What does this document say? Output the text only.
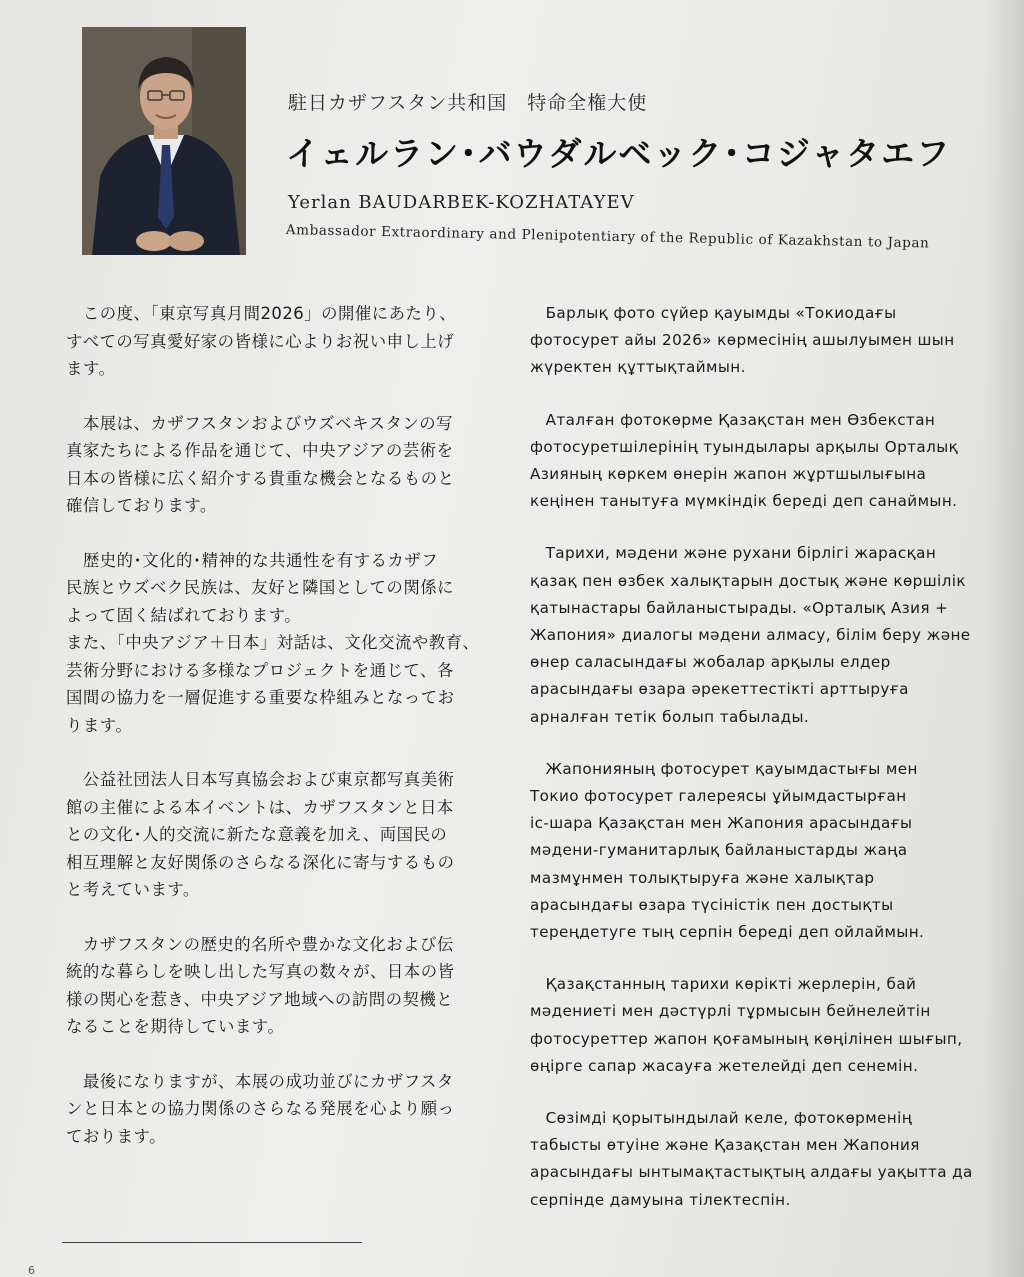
駐日カザフスタン共和国　特命全権大使
イェルラン･バウダルベック･コジャタエフ
Yerlan BAUDARBEK-KOZHATAYEV
Ambassador Extraordinary and Plenipotentiary of the Republic of Kazakhstan to Japan

　この度、「東京写真月間2026」の開催にあたり、
すべての写真愛好家の皆様に心よりお祝い申し上げ
ます。

　本展は、カザフスタンおよびウズベキスタンの写
真家たちによる作品を通じて、中央アジアの芸術を
日本の皆様に広く紹介する貴重な機会となるものと
確信しております。

　歴史的･文化的･精神的な共通性を有するカザフ
民族とウズベク民族は、友好と隣国としての関係に
よって固く結ばれております。
また、「中央アジア＋日本」対話は、文化交流や教育、
芸術分野における多様なプロジェクトを通じて、各
国間の協力を一層促進する重要な枠組みとなってお
ります。

　公益社団法人日本写真協会および東京都写真美術
館の主催による本イベントは、カザフスタンと日本
との文化･人的交流に新たな意義を加え、両国民の
相互理解と友好関係のさらなる深化に寄与するもの
と考えています。

　カザフスタンの歴史的名所や豊かな文化および伝
統的な暮らしを映し出した写真の数々が、日本の皆
様の関心を惹き、中央アジア地域への訪問の契機と
なることを期待しています。

　最後になりますが、本展の成功並びにカザフスタ
ンと日本との協力関係のさらなる発展を心より願っ
ております。

　Барлық фото сүйер қауымды «Токиодағы
фотосурет айы 2026» көрмесінің ашылуымен шын
жүректен құттықтаймын.

　Аталған фотокөрме Қазақстан мен Өзбекстан
фотосуретшілерінің туындылары арқылы Орталық
Азияның көркем өнерін жапон жұртшылығына
кеңінен танытуға мүмкіндік береді деп санаймын.

　Тарихи, мәдени және рухани бірлігі жарасқан
қазақ пен өзбек халықтарын достық және көршілік
қатынастары байланыстырады. «Орталық Азия +
Жапония» диалогы мәдени алмасу, білім беру және
өнер саласындағы жобалар арқылы елдер
арасындағы өзара әрекеттестікті арттыруға
арналған тетік болып табылады.

　Жапонияның фотосурет қауымдастығы мен
Токио фотосурет галереясы ұйымдастырған
іс-шара Қазақстан мен Жапония арасындағы
мәдени-гуманитарлық байланыстарды жаңа
мазмұнмен толықтыруға және халықтар
арасындағы өзара түсіністік пен достықты
тереңдетуге тың серпін береді деп ойлаймын.

　Қазақстанның тарихи көрікті жерлерін, бай
мәдениеті мен дәстүрлі тұрмысын бейнелейтін
фотосуреттер жапон қоғамының көңілінен шығып,
өңірге сапар жасауға жетелейді деп сенемін.

　Сөзімді қорытындылай келе, фотокөрменің
табысты өтуіне және Қазақстан мен Жапония
арасындағы ынтымақтастықтың алдағы уақытта да
серпінде дамуына тілектеспін.

6
